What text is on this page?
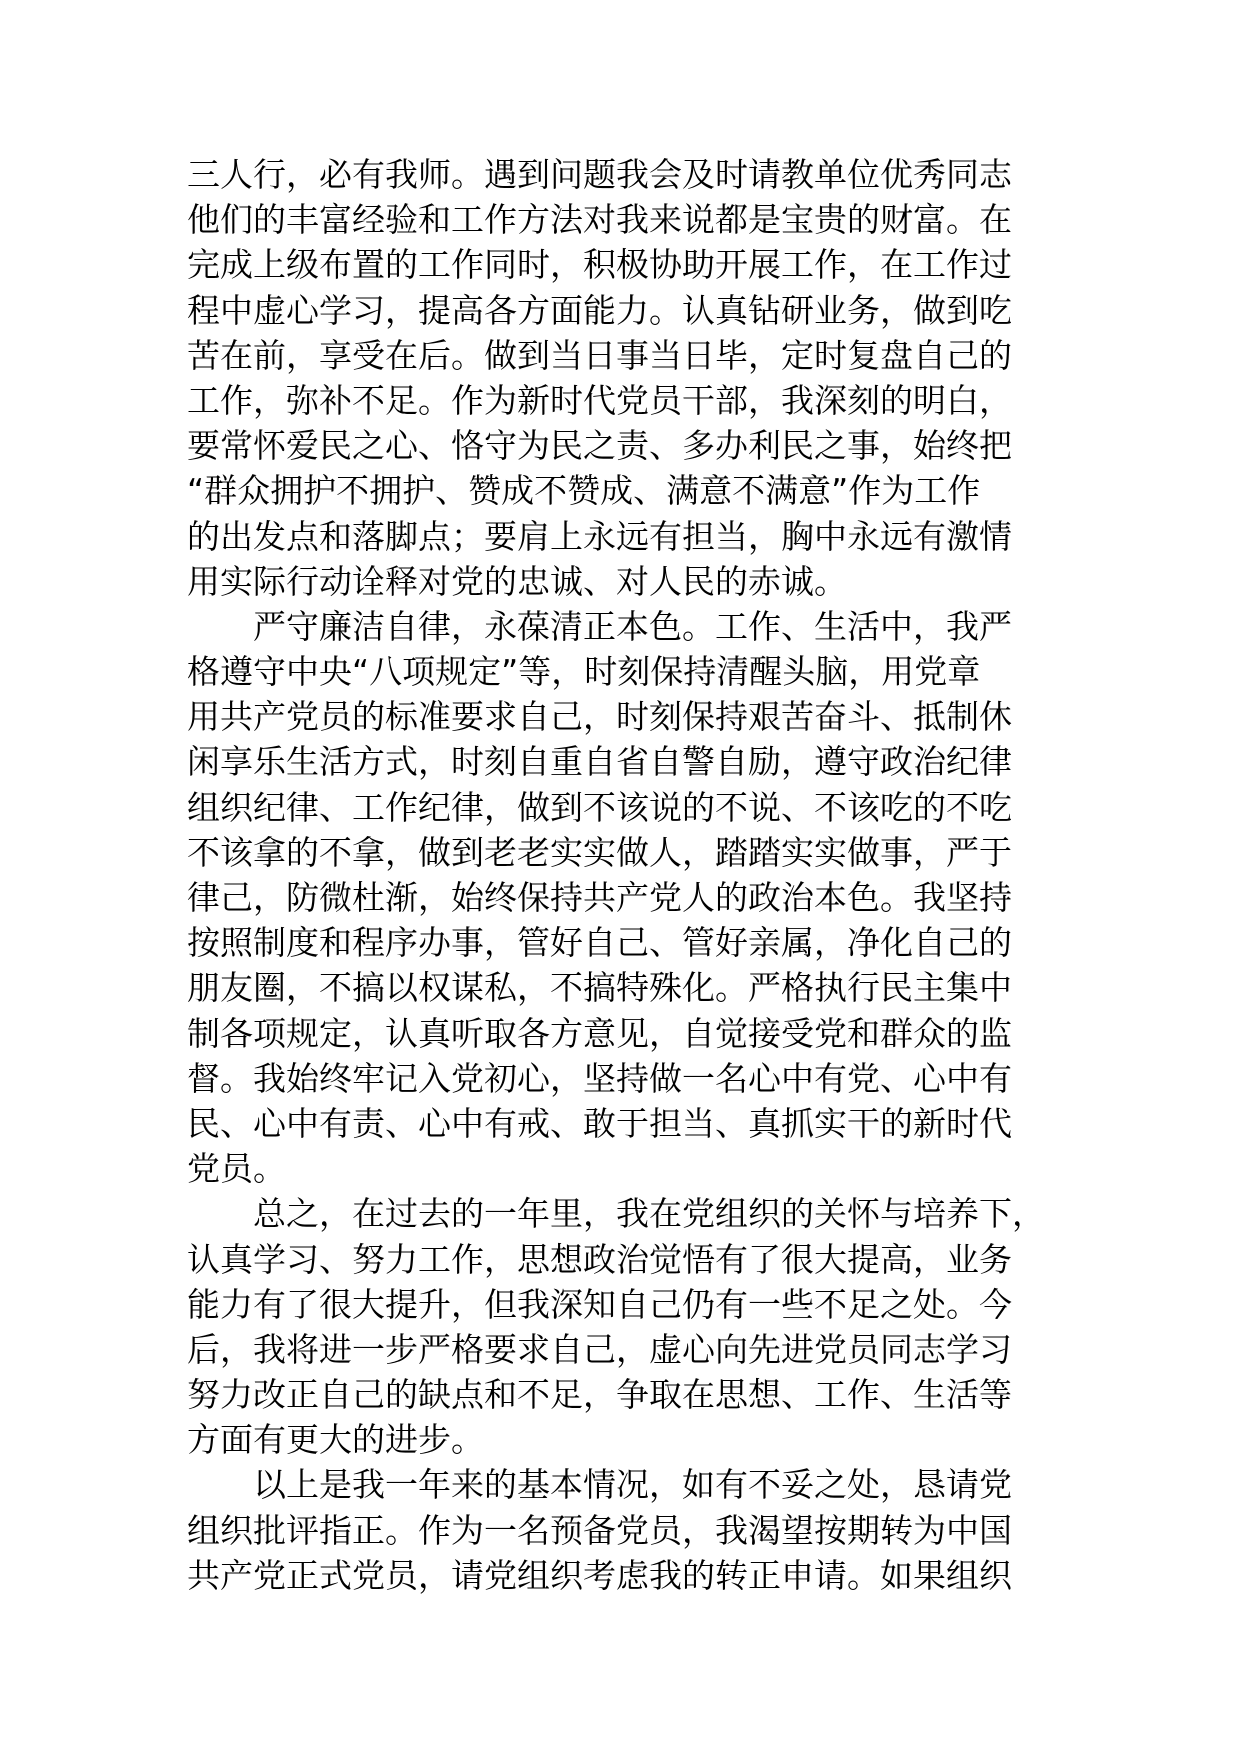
三人行，必有我师。遇到问题我会及时请教单位优秀同志
他们的丰富经验和工作方法对我来说都是宝贵的财富。在
完成上级布置的工作同时，积极协助开展工作，在工作过
程中虚心学习，提高各方面能力。认真钻研业务，做到吃
苦在前，享受在后。做到当日事当日毕，定时复盘自己的
工作，弥补不足。作为新时代党员干部，我深刻的明白，
要常怀爱民之心、恪守为民之责、多办利民之事，始终把
“群众拥护不拥护、赞成不赞成、满意不满意”作为工作
的出发点和落脚点；要肩上永远有担当，胸中永远有激情
用实际行动诠释对党的忠诚、对人民的赤诚。
严守廉洁自律，永葆清正本色。工作、生活中，我严
格遵守中央“八项规定”等，时刻保持清醒头脑，用党章
用共产党员的标准要求自己，时刻保持艰苦奋斗、抵制休
闲享乐生活方式，时刻自重自省自警自励，遵守政治纪律
组织纪律、工作纪律，做到不该说的不说、不该吃的不吃
不该拿的不拿，做到老老实实做人，踏踏实实做事，严于
律己，防微杜渐，始终保持共产党人的政治本色。我坚持
按照制度和程序办事，管好自己、管好亲属，净化自己的
朋友圈，不搞以权谋私，不搞特殊化。严格执行民主集中
制各项规定，认真听取各方意见，自觉接受党和群众的监
督。我始终牢记入党初心，坚持做一名心中有党、心中有
民、心中有责、心中有戒、敢于担当、真抓实干的新时代
党员。
总之，在过去的一年里，我在党组织的关怀与培养下，
认真学习、努力工作，思想政治觉悟有了很大提高，业务
能力有了很大提升，但我深知自己仍有一些不足之处。今
后，我将进一步严格要求自己，虚心向先进党员同志学习
努力改正自己的缺点和不足，争取在思想、工作、生活等
方面有更大的进步。
以上是我一年来的基本情况，如有不妥之处，恳请党
组织批评指正。作为一名预备党员，我渴望按期转为中国
共产党正式党员，请党组织考虑我的转正申请。如果组织
